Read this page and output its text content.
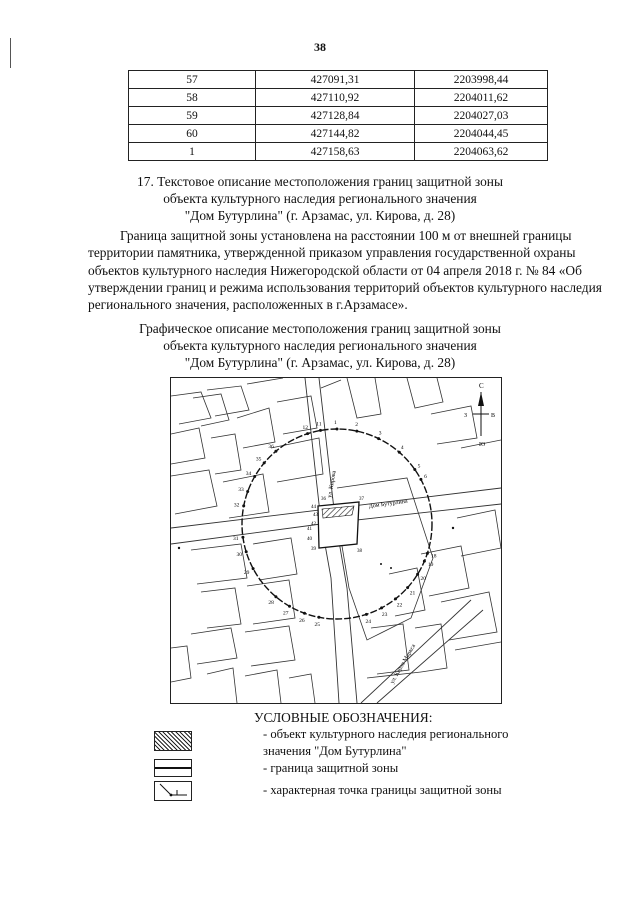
38
57	427091,31	2203998,44
58	427110,92	2204011,62
59	427128,84	2204027,03
60	427144,82	2204044,45
1	427158,63	2204063,62
17. Текстовое описание местоположения границ защитной зоны
объекта культурного наследия регионального значения
"Дом Бутурлина" (г. Арзамас, ул. Кирова, д. 28)
Граница защитной зоны установлена на расстоянии 100 м от внешней границы
территории памятника, утвержденной приказом управления государственной охраны
объектов культурного наследия Нижегородской области от 04 апреля 2018 г. № 84 «Об
утверждении границ и режима использования территорий объектов культурного наследия
регионального значения, расположенных в г.Арзамасе».
Графическое описание местоположения границ защитной зоны
объекта культурного наследия регионального значения
"Дом Бутурлина" (г. Арзамас, ул. Кирова, д. 28)
1	2
3
4
5
6
18
19
20
21
22
23
24
25
26
27
28
29
30
31
32
33
34
35
36
11
12
36	37
38
39
40
41
42
43
44
С
В
З
Ю
ул. Кирова
Дом Бутурлина
ул. Карла Маркса
УСЛОВНЫЕ ОБОЗНАЧЕНИЯ:
- объект культурного наследия регионального
значения "Дом Бутурлина"
- граница защитной зоны
- характерная точка границы защитной зоны
